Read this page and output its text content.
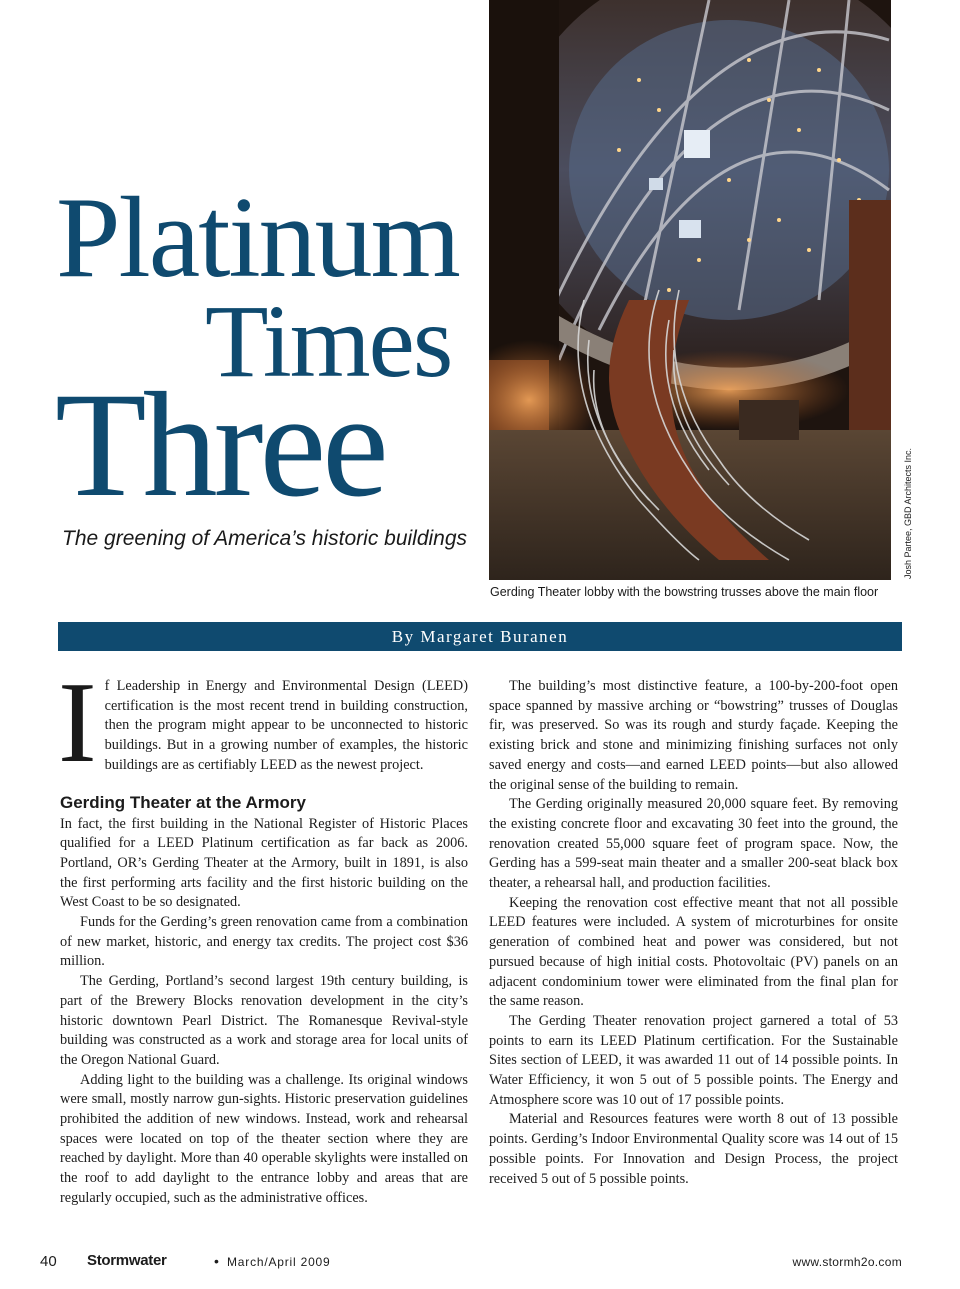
Platinum
Times
Three
The greening of America’s historic buildings	Josh Partee, GBD Architects Inc.
Gerding Theater lobby with the bowstring trusses above the main floor
By Margaret Buranen

If Leadership in Energy and Environmental Design (LEED) certification is the most recent trend in building construction, then the program might appear to be unconnected to historic buildings. But in a growing number of examples, the historic buildings are as certifiably LEED as the newest project.

Gerding Theater at the Armory

In fact, the first building in the National Register of Historic Places qualified for a LEED Platinum certification as far back as 2006. Portland, OR’s Gerding Theater at the Armory, built in 1891, is also the first performing arts facility and the first historic building on the West Coast to be so designated.

Funds for the Gerding’s green renovation came from a combination of new market, historic, and energy tax credits. The project cost $36 million.

The Gerding, Portland’s second largest 19th century building, is part of the Brewery Blocks renovation development in the city’s historic downtown Pearl District. The Romanesque Revival-style building was constructed as a work and storage area for local units of the Oregon National Guard.

Adding light to the building was a challenge. Its original windows were small, mostly narrow gun-sights. Historic preservation guidelines prohibited the addition of new windows. Instead, work and rehearsal spaces were located on top of the theater section where they are reached by daylight. More than 40 operable skylights were installed on the roof to add daylight to the entrance lobby and areas that are regularly occupied, such as the administrative offices.

The building’s most distinctive feature, a 100-by-200-foot open space spanned by massive arching or “bowstring” trusses of Douglas fir, was preserved. So was its rough and sturdy façade. Keeping the existing brick and stone and minimizing finishing surfaces not only saved energy and costs—and earned LEED points—but also allowed the original sense of the building to remain.

The Gerding originally measured 20,000 square feet. By removing the existing concrete floor and excavating 30 feet into the ground, the renovation created 55,000 square feet of program space. Now, the Gerding has a 599-seat main theater and a smaller 200-seat black box theater, a rehearsal hall, and production facilities.

Keeping the renovation cost effective meant that not all possible LEED features were included. A system of microturbines for onsite generation of combined heat and power was considered, but not pursued because of high initial costs. Photovoltaic (PV) panels on an adjacent condominium tower were eliminated from the final plan for the same reason.

The Gerding Theater renovation project garnered a total of 53 points to earn its LEED Platinum certification. For the Sustainable Sites section of LEED, it was awarded 11 out of 14 possible points. In Water Efficiency, it won 5 out of 5 possible points. The Energy and Atmosphere score was 10 out of 17 possible points.

Material and Resources features were worth 8 out of 13 possible points. Gerding’s Indoor Environmental Quality score was 14 out of 15 possible points. For Innovation and Design Process, the project received 5 out of 5 possible points.

40 Stormwater	• March/April 2009	www.stormh2o.com
